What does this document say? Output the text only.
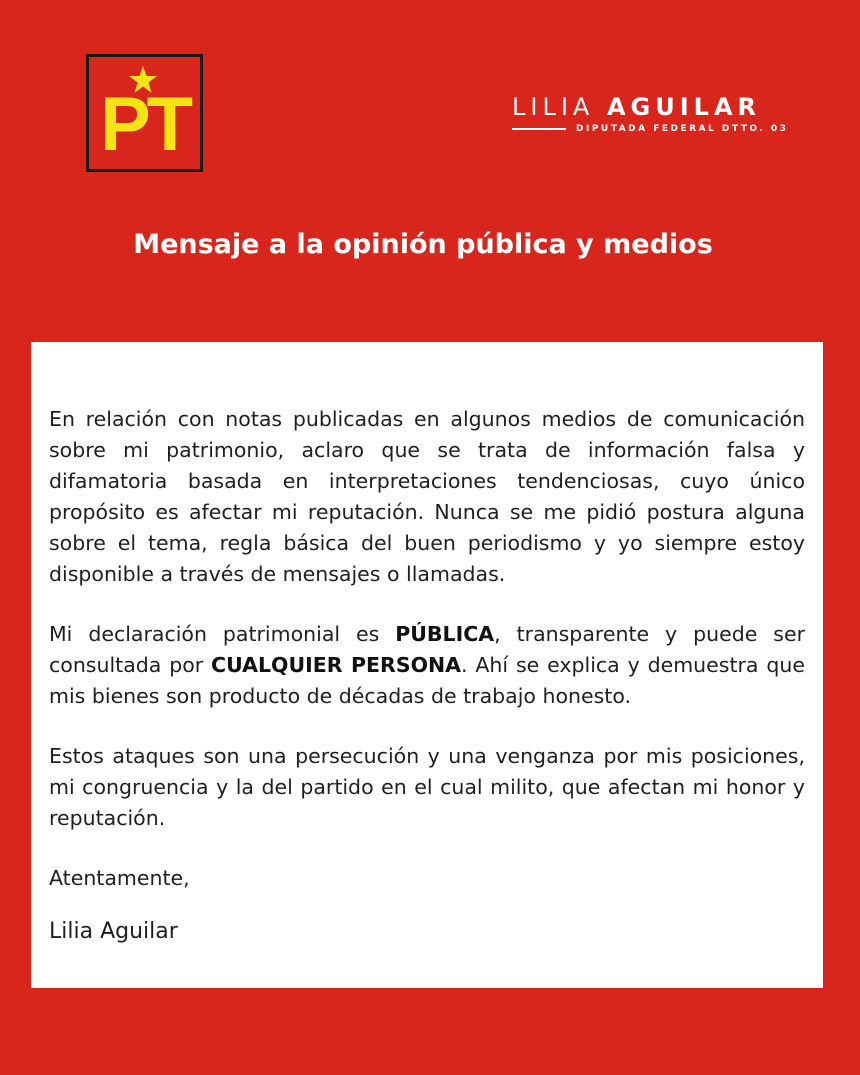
PT	LILIA AGUILAR
DIPUTADA FEDERAL DTTO. 03
Mensaje a la opinión pública y medios

En relación con notas publicadas en algunos medios de comunicación sobre mi patrimonio, aclaro que se trata de información falsa y difamatoria basada en interpretaciones tendenciosas, cuyo único propósito es afectar mi reputación. Nunca se me pidió postura alguna sobre el tema, regla básica del buen periodismo y yo siempre estoy disponible a través de mensajes o llamadas.

Mi declaración patrimonial es PÚBLICA, transparente y puede ser consultada por CUALQUIER PERSONA. Ahí se explica y demuestra que mis bienes son producto de décadas de trabajo honesto.

Estos ataques son una persecución y una venganza por mis posiciones, mi congruencia y la del partido en el cual milito, que afectan mi honor y reputación.

Atentamente,

Lilia Aguilar
